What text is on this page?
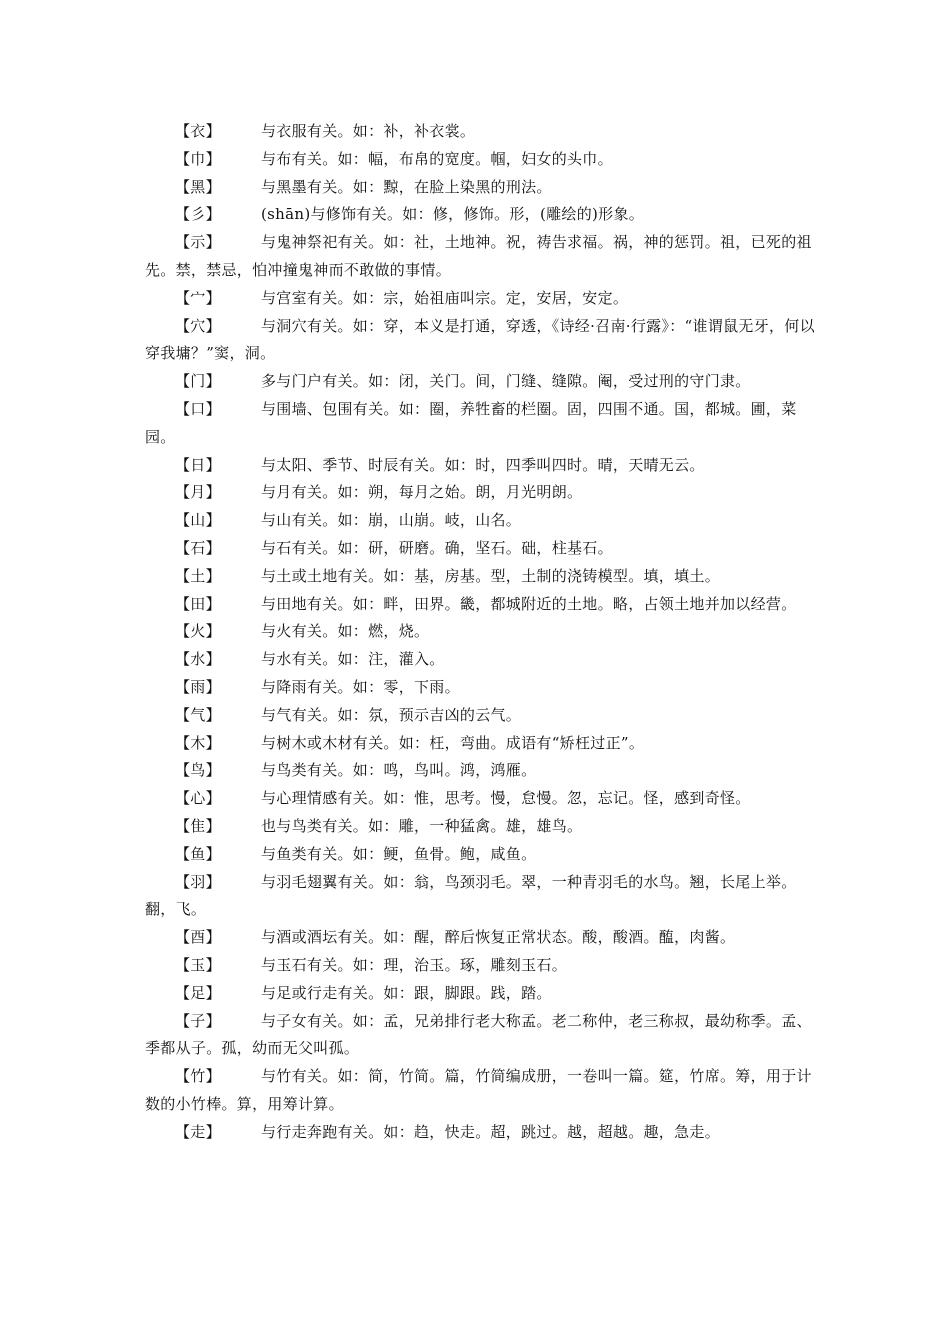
【衣】	与衣服有关。如：补，补衣裳。

【巾】	与布有关。如：幅，布帛的宽度。帼，妇女的头巾。

【黑】	与黑墨有关。如：黥，在脸上染黑的刑法。

【彡】	(shān)与修饰有关。如：修，修饰。形，(雕绘的)形象。

【示】	与鬼神祭祀有关。如：社，土地神。祝，祷告求福。祸，神的惩罚。祖，已死的祖先。禁，禁忌，怕冲撞鬼神而不敢做的事情。

【宀】	与宫室有关。如：宗，始祖庙叫宗。定，安居，安定。

【穴】	与洞穴有关。如：穿，本义是打通，穿透，《诗经·召南·行露》：“谁谓鼠无牙，何以穿我墉？”窦，洞。

【门】	多与门户有关。如：闭，关门。间，门缝、缝隙。阉，受过刑的守门隶。

【口】	与围墙、包围有关。如：圈，养牲畜的栏圈。固，四围不通。国，都城。圃，菜园。

【日】	与太阳、季节、时辰有关。如：时，四季叫四时。晴，天晴无云。

【月】	与月有关。如：朔，每月之始。朗，月光明朗。

【山】	与山有关。如：崩，山崩。岐，山名。

【石】	与石有关。如：研，研磨。确，坚石。础，柱基石。

【土】	与土或土地有关。如：基，房基。型，土制的浇铸模型。填，填土。

【田】	与田地有关。如：畔，田界。畿，都城附近的土地。略，占领土地并加以经营。

【火】	与火有关。如：燃，烧。

【水】	与水有关。如：注，灌入。

【雨】	与降雨有关。如：零，下雨。

【气】	与气有关。如：氛，预示吉凶的云气。

【木】	与树木或木材有关。如：枉，弯曲。成语有“矫枉过正”。

【鸟】	与鸟类有关。如：鸣，鸟叫。鸿，鸿雁。

【心】	与心理情感有关。如：惟，思考。慢，怠慢。忽，忘记。怪，感到奇怪。

【隹】	也与鸟类有关。如：雕，一种猛禽。雄，雄鸟。

【鱼】	与鱼类有关。如：鲠，鱼骨。鲍，咸鱼。

【羽】	与羽毛翅翼有关。如：翁，鸟颈羽毛。翠，一种青羽毛的水鸟。翘，长尾上举。翻，飞。

【酉】	与酒或酒坛有关。如：醒，醉后恢复正常状态。酸，酸酒。醢，肉酱。

【玉】	与玉石有关。如：理，治玉。琢，雕刻玉石。

【足】	与足或行走有关。如：跟，脚跟。践，踏。

【子】	与子女有关。如：孟，兄弟排行老大称孟。老二称仲，老三称叔，最幼称季。孟、季都从子。孤，幼而无父叫孤。

【竹】	与竹有关。如：简，竹简。篇，竹简编成册，一卷叫一篇。筵，竹席。筹，用于计数的小竹棒。算，用筹计算。

【走】	与行走奔跑有关。如：趋，快走。超，跳过。越，超越。趣，急走。
